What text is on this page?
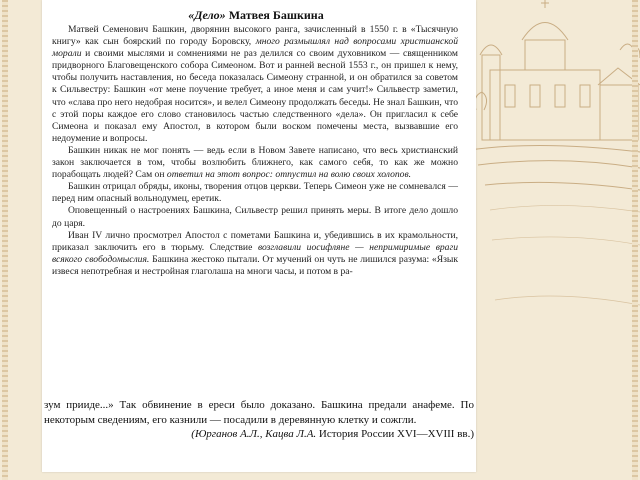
«Дело» Матвея Башкина

Матвей Семенович Башкин, дворянин высокого ранга, зачисленный в 1550 г. в «Тысячную книгу» как сын боярский по городу Боровску, много размышлял над вопросами христианской морали и своими мыслями и сомнениями не раз делился со своим духовником — священником придворного Благовещенского собора Симеоном. Вот и ранней весной 1553 г., он пришел к нему, чтобы получить наставления, но беседа показалась Симеону странной, и он обратился за советом к Сильвестру: Башкин «от мене поучение требует, а иное меня и сам учит!» Сильвестр заметил, что «слава про него недобрая носится», и велел Симеону продолжать беседы. Не знал Башкин, что с этой поры каждое его слово становилось частью следственного «дела». Он пригласил к себе Симеона и показал ему Апостол, в котором были воском помечены места, вызвавшие его недоумение и вопросы.

Башкин никак не мог понять — ведь если в Новом Завете написано, что весь христианский закон заключается в том, чтобы возлюбить ближнего, как самого себя, то как же можно порабощать людей? Сам он ответил на этот вопрос: отпустил на волю своих холопов.

Башкин отрицал обряды, иконы, творения отцов церкви. Теперь Симеон уже не сомневался — перед ним опасный вольнодумец, еретик.

Оповещенный о настроениях Башкина, Сильвестр решил принять меры. В итоге дело дошло до царя.

Иван IV лично просмотрел Апостол с пометами Башкина и, убедившись в их крамольности, приказал заключить его в тюрьму. Следствие возглавили иосифляне — непримиримые враги всякого свободомыслия. Башкина жестоко пытали. От мучений он чуть не лишился разума: «Язык извеся непотребная и нестройная глаголаша на многи часы, и потом в ра-

зум прииде...» Так обвинение в ереси было доказано. Башкина предали анафеме. По некоторым сведениям, его казнили — посадили в деревянную клетку и сожгли.

(Юрганов А.Л., Кацва Л.А. История России XVI—XVIII вв.)
